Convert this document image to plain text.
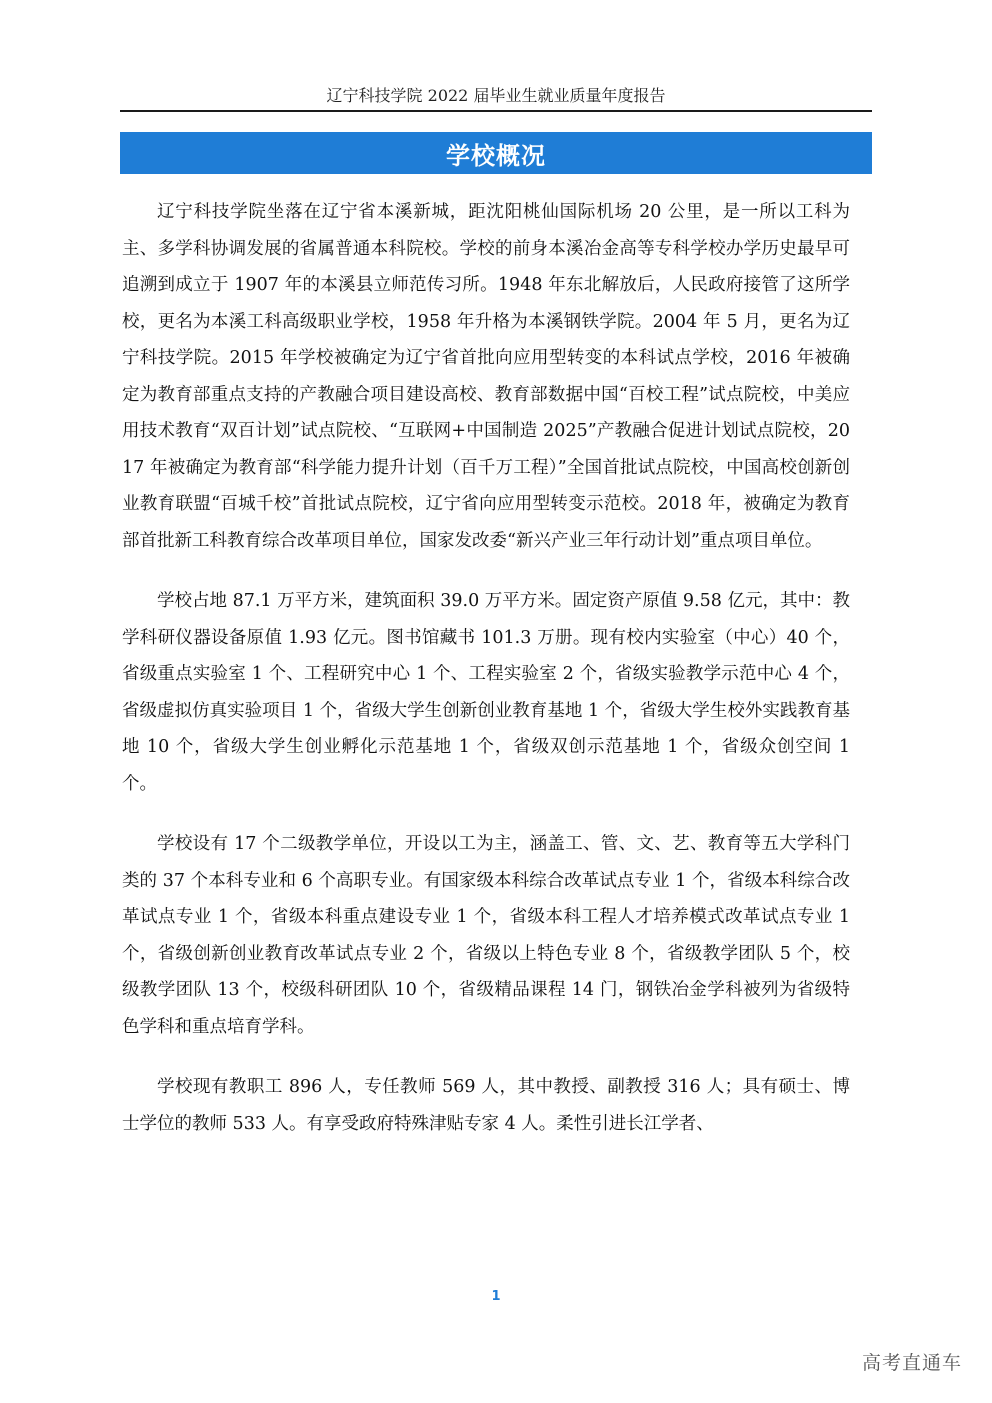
辽宁科技学院 2022 届毕业生就业质量年度报告
学校概况

辽宁科技学院坐落在辽宁省本溪新城，距沈阳桃仙国际机场 20 公里，是一所以工科为主、多学科协调发展的省属普通本科院校。学校的前身本溪冶金高等专科学校办学历史最早可追溯到成立于 1907 年的本溪县立师范传习所。1948 年东北解放后，人民政府接管了这所学校，更名为本溪工科高级职业学校，1958 年升格为本溪钢铁学院。2004 年 5 月，更名为辽宁科技学院。2015 年学校被确定为辽宁省首批向应用型转变的本科试点学校，2016 年被确定为教育部重点支持的产教融合项目建设高校、教育部数据中国“百校工程”试点院校，中美应用技术教育“双百计划”试点院校、“互联网+中国制造 2025”产教融合促进计划试点院校，2017 年被确定为教育部“科学能力提升计划（百千万工程）”全国首批试点院校，中国高校创新创业教育联盟“百城千校”首批试点院校，辽宁省向应用型转变示范校。2018 年，被确定为教育部首批新工科教育综合改革项目单位，国家发改委“新兴产业三年行动计划”重点项目单位。

学校占地 87.1 万平方米，建筑面积 39.0 万平方米。固定资产原值 9.58 亿元，其中：教学科研仪器设备原值 1.93 亿元。图书馆藏书 101.3 万册。现有校内实验室（中心）40 个，省级重点实验室 1 个、工程研究中心 1 个、工程实验室 2 个，省级实验教学示范中心 4 个，省级虚拟仿真实验项目 1 个，省级大学生创新创业教育基地 1 个，省级大学生校外实践教育基地 10 个，省级大学生创业孵化示范基地 1 个，省级双创示范基地 1 个，省级众创空间 1 个。

学校设有 17 个二级教学单位，开设以工为主，涵盖工、管、文、艺、教育等五大学科门类的 37 个本科专业和 6 个高职专业。有国家级本科综合改革试点专业 1 个，省级本科综合改革试点专业 1 个，省级本科重点建设专业 1 个，省级本科工程人才培养模式改革试点专业 1 个，省级创新创业教育改革试点专业 2 个，省级以上特色专业 8 个，省级教学团队 5 个，校级教学团队 13 个，校级科研团队 10 个，省级精品课程 14 门，钢铁冶金学科被列为省级特色学科和重点培育学科。

学校现有教职工 896 人，专任教师 569 人，其中教授、副教授 316 人；具有硕士、博士学位的教师 533 人。有享受政府特殊津贴专家 4 人。柔性引进长江学者、

1
高考直通车
